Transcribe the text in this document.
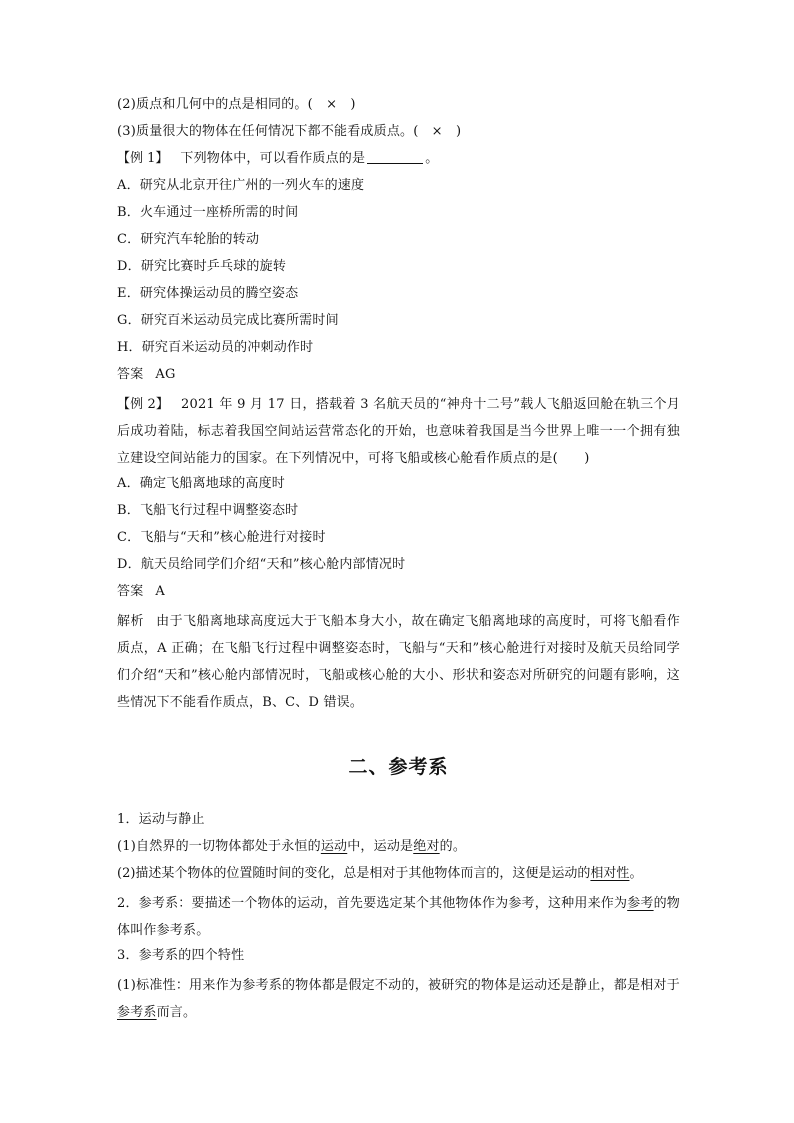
(2)质点和几何中的点是相同的。(　×　)
(3)质量很大的物体在任何情况下都不能看成质点。(　×　)
【例 1】 下列物体中，可以看作质点的是	。
A．研究从北京开往广州的一列火车的速度
B．火车通过一座桥所需的时间
C．研究汽车轮胎的转动
D．研究比赛时乒乓球的旋转
E．研究体操运动员的腾空姿态
G．研究百米运动员完成比赛所需时间
H．研究百米运动员的冲刺动作时
答案 AG
【例 2】 2021 年 9 月 17 日，搭载着 3 名航天员的“神舟十二号”载人飞船返回舱在轨三个月后成功着陆，标志着我国空间站运营常态化的开始，也意味着我国是当今世界上唯一一个拥有独立建设空间站能力的国家。在下列情况中，可将飞船或核心舱看作质点的是(　　)
A．确定飞船离地球的高度时
B．飞船飞行过程中调整姿态时
C．飞船与“天和”核心舱进行对接时
D．航天员给同学们介绍“天和”核心舱内部情况时
答案 A
解析 由于飞船离地球高度远大于飞船本身大小，故在确定飞船离地球的高度时，可将飞船看作质点，A 正确；在飞船飞行过程中调整姿态时，飞船与“天和”核心舱进行对接时及航天员给同学们介绍“天和”核心舱内部情况时，飞船或核心舱的大小、形状和姿态对所研究的问题有影响，这些情况下不能看作质点，B、C、D 错误。
二、参考系
1．运动与静止
(1)自然界的一切物体都处于永恒的运动中，运动是绝对的。
(2)描述某个物体的位置随时间的变化，总是相对于其他物体而言的，这便是运动的相对性。
2．参考系：要描述一个物体的运动，首先要选定某个其他物体作为参考，这种用来作为参考的物体叫作参考系。
3．参考系的四个特性
(1)标准性：用来作为参考系的物体都是假定不动的，被研究的物体是运动还是静止，都是相对于参考系而言。
